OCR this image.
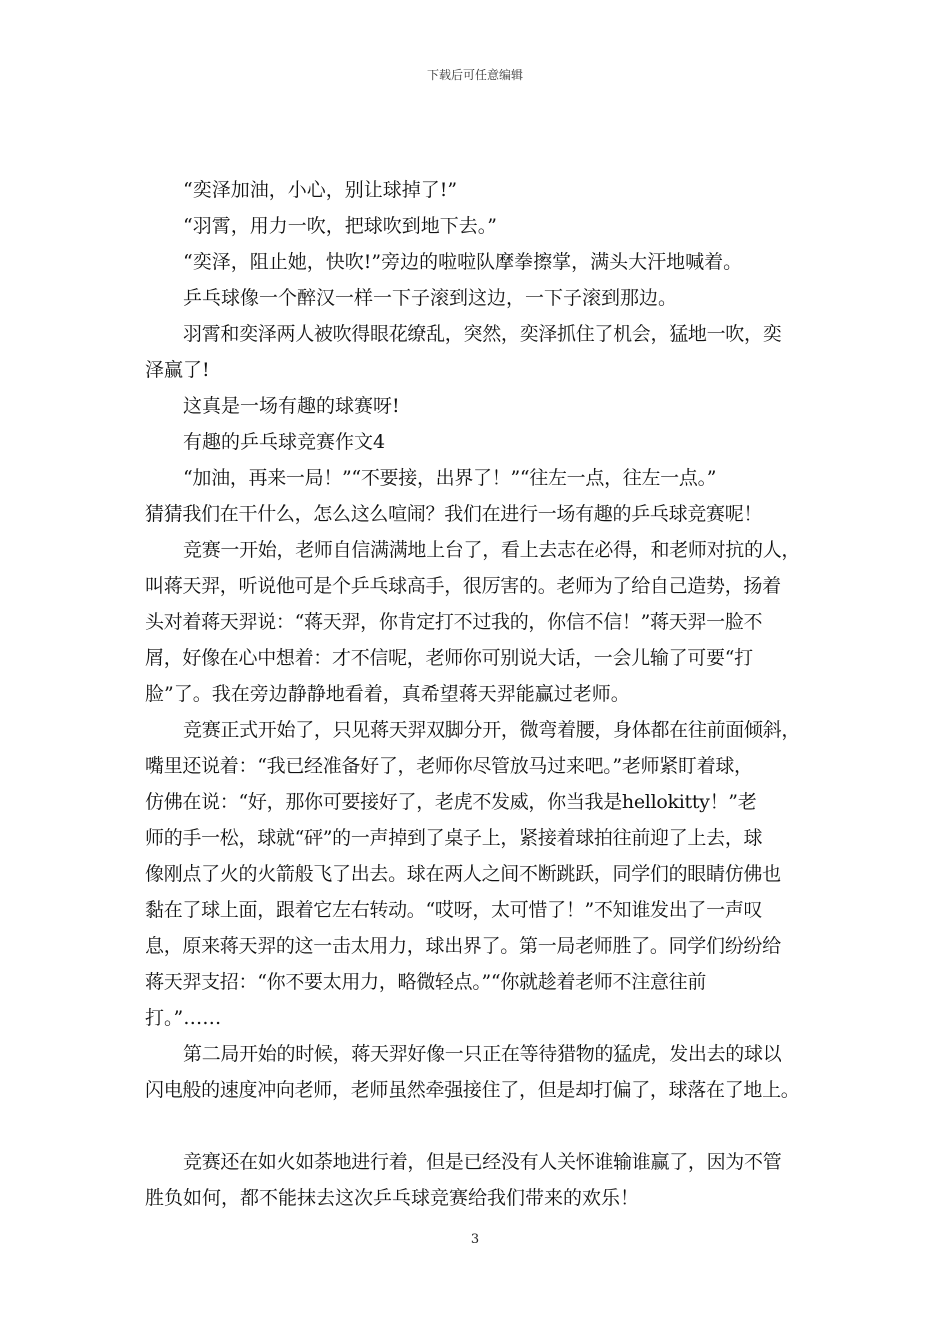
下载后可任意编辑
“奕泽加油，小心，别让球掉了!”
“羽霄，用力一吹，把球吹到地下去。”
“奕泽，阻止她，快吹!”旁边的啦啦队摩拳擦掌，满头大汗地喊着。
乒乓球像一个醉汉一样一下子滚到这边，一下子滚到那边。
羽霄和奕泽两人被吹得眼花缭乱，突然，奕泽抓住了机会，猛地一吹，奕
泽赢了!
这真是一场有趣的球赛呀!
有趣的乒乓球竞赛作文4
“加油，再来一局！”“不要接，出界了！”“往左一点，往左一点。”
猜猜我们在干什么，怎么这么喧闹？我们在进行一场有趣的乒乓球竞赛呢！
竞赛一开始，老师自信满满地上台了，看上去志在必得，和老师对抗的人，
叫蒋天羿，听说他可是个乒乓球高手，很厉害的。老师为了给自己造势，扬着
头对着蒋天羿说：“蒋天羿，你肯定打不过我的，你信不信！”蒋天羿一脸不
屑，好像在心中想着：才不信呢，老师你可别说大话，一会儿输了可要“打
脸”了。我在旁边静静地看着，真希望蒋天羿能赢过老师。
竞赛正式开始了，只见蒋天羿双脚分开，微弯着腰，身体都在往前面倾斜，
嘴里还说着：“我已经准备好了，老师你尽管放马过来吧。”老师紧盯着球，
仿佛在说：“好，那你可要接好了，老虎不发威，你当我是hellokitty！”老
师的手一松，球就“砰”的一声掉到了桌子上，紧接着球拍往前迎了上去，球
像刚点了火的火箭般飞了出去。球在两人之间不断跳跃，同学们的眼睛仿佛也
黏在了球上面，跟着它左右转动。“哎呀，太可惜了！”不知谁发出了一声叹
息，原来蒋天羿的这一击太用力，球出界了。第一局老师胜了。同学们纷纷给
蒋天羿支招：“你不要太用力，略微轻点。”“你就趁着老师不注意往前
打。”……
第二局开始的时候，蒋天羿好像一只正在等待猎物的猛虎，发出去的球以
闪电般的速度冲向老师，老师虽然牵强接住了，但是却打偏了，球落在了地上。
竞赛还在如火如荼地进行着，但是已经没有人关怀谁输谁赢了，因为不管
胜负如何，都不能抹去这次乒乓球竞赛给我们带来的欢乐！
3
